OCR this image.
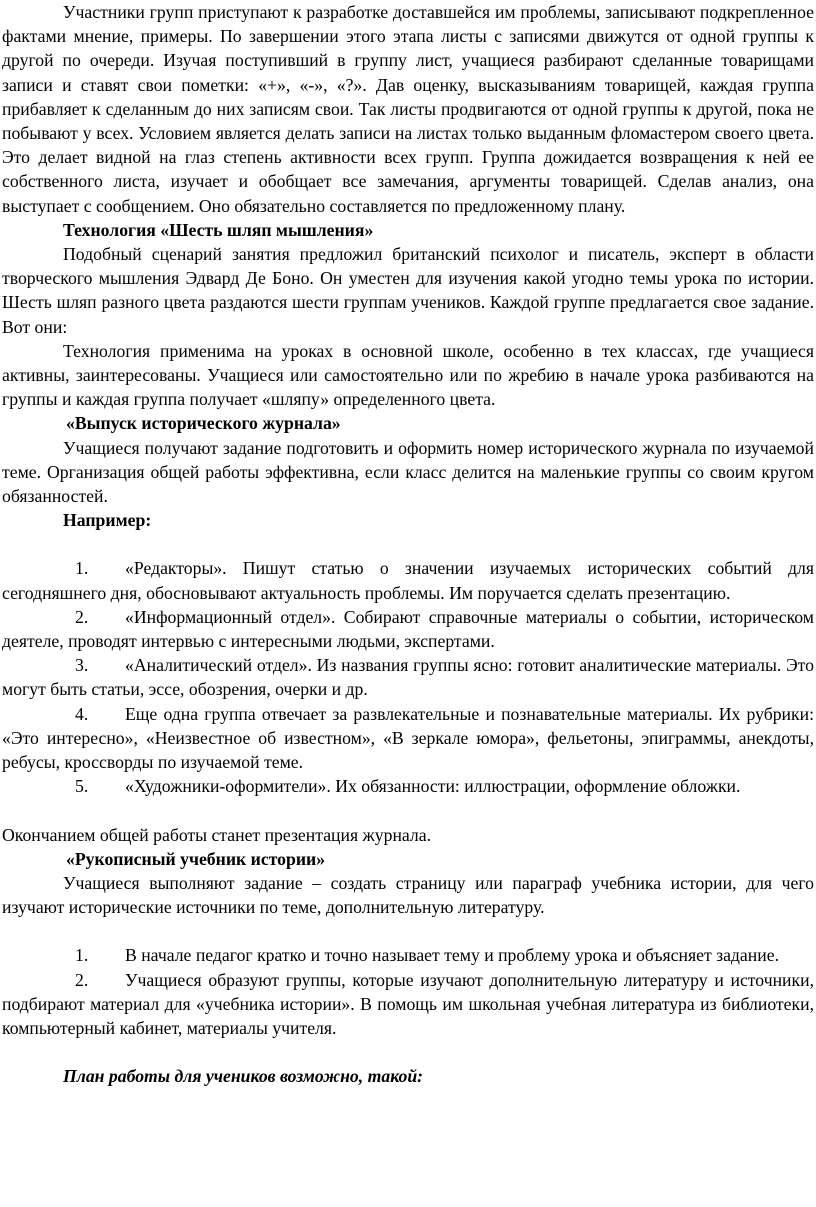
Участники групп приступают к разработке доставшейся им проблемы, записывают подкрепленное фактами мнение, примеры. По завершении этого этапа листы с записями движутся от одной группы к другой по очереди. Изучая поступивший в группу лист, учащиеся разбирают сделанные товарищами записи и ставят свои пометки: «+», «-», «?». Дав оценку, высказываниям товарищей, каждая группа прибавляет к сделанным до них записям свои. Так листы продвигаются от одной группы к другой, пока не побывают у всех. Условием является делать записи на листах только выданным фломастером своего цвета. Это делает видной на глаз степень активности всех групп. Группа дожидается возвращения к ней ее собственного листа, изучает и обобщает все замечания, аргументы товарищей. Сделав анализ, она выступает с сообщением. Оно обязательно составляется по предложенному плану.

Технология «Шесть шляп мышления»

Подобный сценарий занятия предложил британский психолог и писатель, эксперт в области творческого мышления Эдвард Де Боно. Он уместен для изучения какой угодно темы урока по истории. Шесть шляп разного цвета раздаются шести группам учеников. Каждой группе предлагается свое задание. Вот они:

Технология применима на уроках в основной школе, особенно в тех классах, где учащиеся активны, заинтересованы. Учащиеся или самостоятельно или по жребию в начале урока разбиваются на группы и каждая группа получает «шляпу» определенного цвета.

«Выпуск исторического журнала»

Учащиеся получают задание подготовить и оформить номер исторического журнала по изучаемой теме. Организация общей работы эффективна, если класс делится на маленькие группы со своим кругом обязанностей.

Например:

1. «Редакторы». Пишут статью о значении изучаемых исторических событий для сегодняшнего дня, обосновывают актуальность проблемы. Им поручается сделать презентацию.

2. «Информационный отдел». Собирают справочные материалы о событии, историческом деятеле, проводят интервью с интересными людьми, экспертами.

3. «Аналитический отдел». Из названия группы ясно: готовит аналитические материалы. Это могут быть статьи, эссе, обозрения, очерки и др.

4. Еще одна группа отвечает за развлекательные и познавательные материалы. Их рубрики: «Это интересно», «Неизвестное об известном», «В зеркале юмора», фельетоны, эпиграммы, анекдоты, ребусы, кроссворды по изучаемой теме.

5. «Художники-оформители». Их обязанности: иллюстрации, оформление обложки.

Окончанием общей работы станет презентация журнала.

«Рукописный учебник истории»

Учащиеся выполняют задание – создать страницу или параграф учебника истории, для чего изучают исторические источники по теме, дополнительную литературу.

1. В начале педагог кратко и точно называет тему и проблему урока и объясняет задание.

2. Учащиеся образуют группы, которые изучают дополнительную литературу и источники, подбирают материал для «учебника истории». В помощь им школьная учебная литература из библиотеки, компьютерный кабинет, материалы учителя.

План работы для учеников возможно, такой:
